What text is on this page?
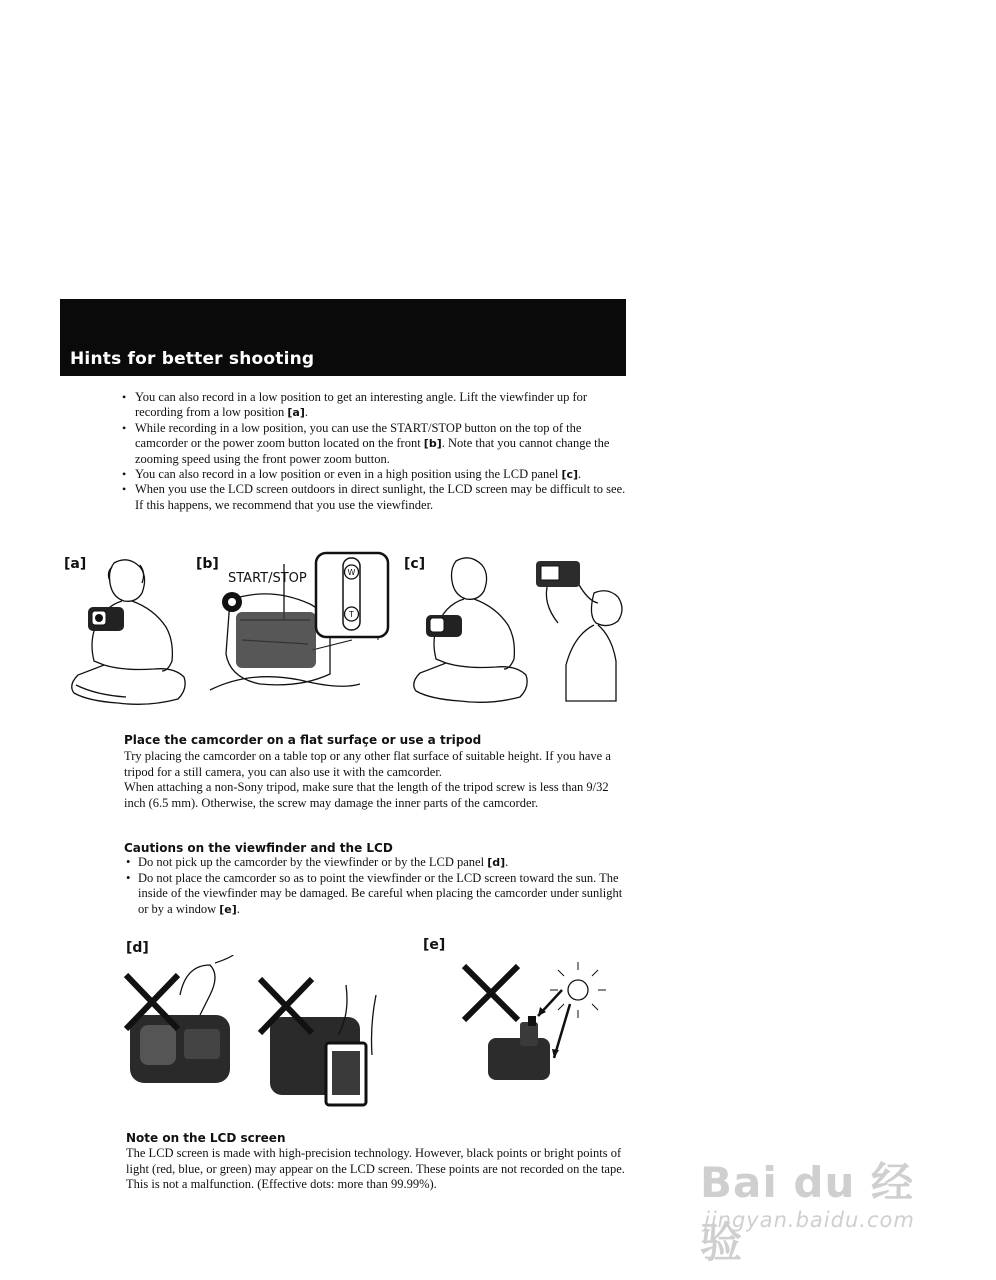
Hints for better shooting
• You can also record in a low position to get an interesting angle. Lift the viewfinder up for recording from a low position [a].
• While recording in a low position, you can use the START/STOP button on the top of the camcorder or the power zoom button located on the front [b]. Note that you cannot change the zooming speed using the front power zoom button.
• You can also record in a low position or even in a high position using the LCD panel [c].
• When you use the LCD screen outdoors in direct sunlight, the LCD screen may be difficult to see. If this happens, we recommend that you use the viewfinder.
[a]	[b]	[c]
W
T
START/STOP
Place the camcorder on a flat surfaçe or use a tripod

Try placing the camcorder on a table top or any other flat surface of suitable height. If you have a tripod for a still camera, you can also use it with the camcorder.

When attaching a non-Sony tripod, make sure that the length of the tripod screw is less than 9/32 inch (6.5 mm). Otherwise, the screw may damage the inner parts of the camcorder.

Cautions on the viewfinder and the LCD
• Do not pick up the camcorder by the viewfinder or by the LCD panel [d].
• Do not place the camcorder so as to point the viewfinder or the LCD screen toward the sun. The inside of the viewfinder may be damaged. Be careful when placing the camcorder under sunlight or by a window [e].
[d]	[e]
Note on the LCD screen

The LCD screen is made with high-precision technology. However, black points or bright points of light (red, blue, or green) may appear on the LCD screen. These points are not recorded on the tape. This is not a malfunction. (Effective dots: more than 99.99%).	Bai du 经验
jingyan.baidu.com
